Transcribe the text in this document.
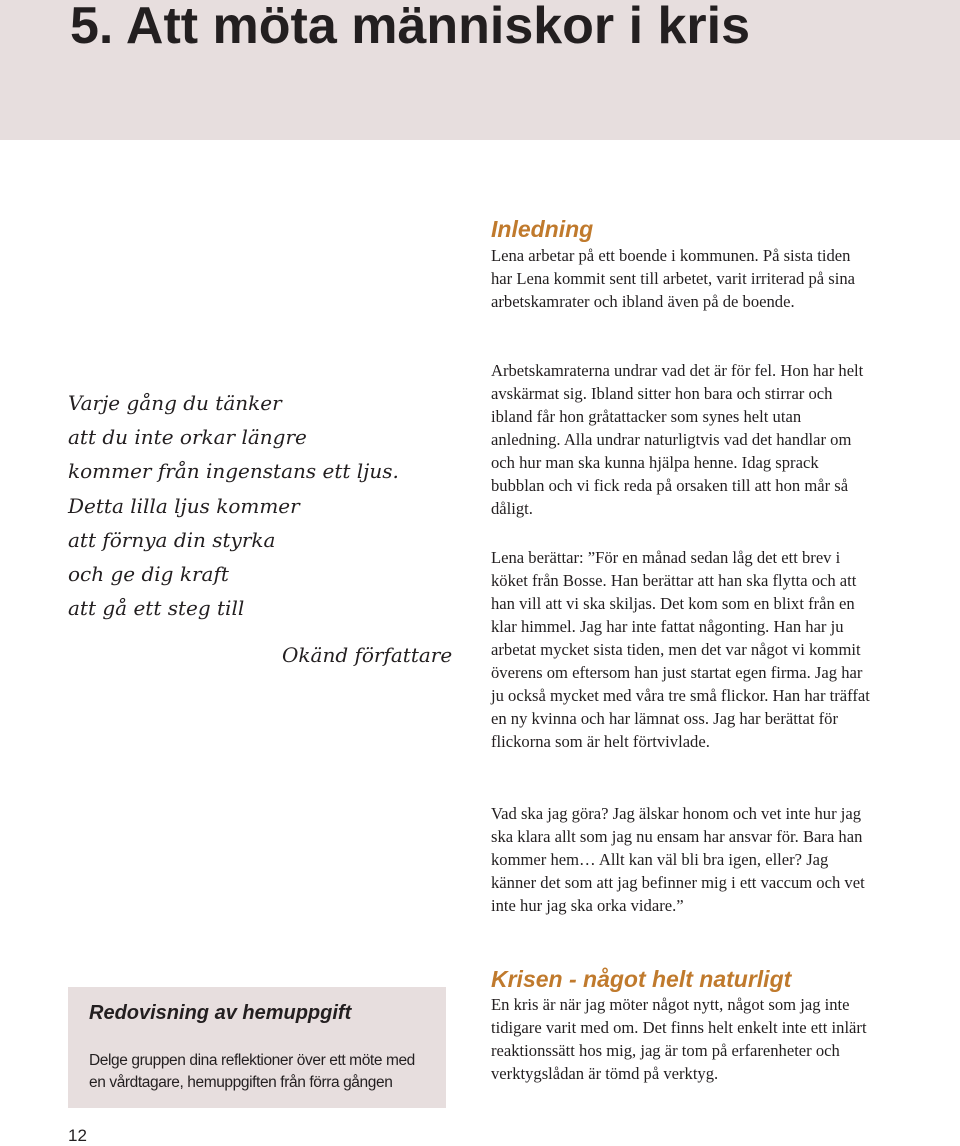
5. Att möta människor i kris
Varje gång du tänker
att du inte orkar längre
kommer från ingenstans ett ljus.
Detta lilla ljus kommer
att förnya din styrka
och ge dig kraft
att gå ett steg till
Okänd författare
Inledning

Lena arbetar på ett boende i kommunen. På sista tiden har Lena kommit sent till arbetet, varit irriterad på sina arbetskamrater och ibland även på de boende.

Arbetskamraterna undrar vad det är för fel. Hon har helt avskärmat sig. Ibland sitter hon bara och stirrar och ibland får hon gråtattacker som synes helt utan anledning. Alla undrar naturligtvis vad det handlar om och hur man ska kunna hjälpa henne. Idag sprack bubblan och vi fick reda på orsaken till att hon mår så dåligt.

Lena berättar: ”För en månad sedan låg det ett brev i köket från Bosse. Han berättar att han ska flytta och att han vill att vi ska skiljas. Det kom som en blixt från en klar himmel. Jag har inte fattat någonting. Han har ju arbetat mycket sista tiden, men det var något vi kommit överens om eftersom han just startat egen firma. Jag har ju också mycket med våra tre små flickor. Han har träffat en ny kvinna och har lämnat oss. Jag har berättat för flickorna som är helt förtvivlade.

Vad ska jag göra? Jag älskar honom och vet inte hur jag ska klara allt som jag nu ensam har ansvar för. Bara han kommer hem… Allt kan väl bli bra igen, eller? Jag känner det som att jag befinner mig i ett vaccum och vet inte hur jag ska orka vidare.”

Krisen - något helt naturligt

En kris är när jag möter något nytt, något som jag inte tidigare varit med om. Det finns helt enkelt inte ett inlärt reaktionssätt hos mig, jag är tom på erfarenheter och verktygslådan är tömd på verktyg.

Redovisning av hemuppgift

Delge gruppen dina reflektioner över ett möte med en vårdtagare, hemuppgiften från förra gången

12
